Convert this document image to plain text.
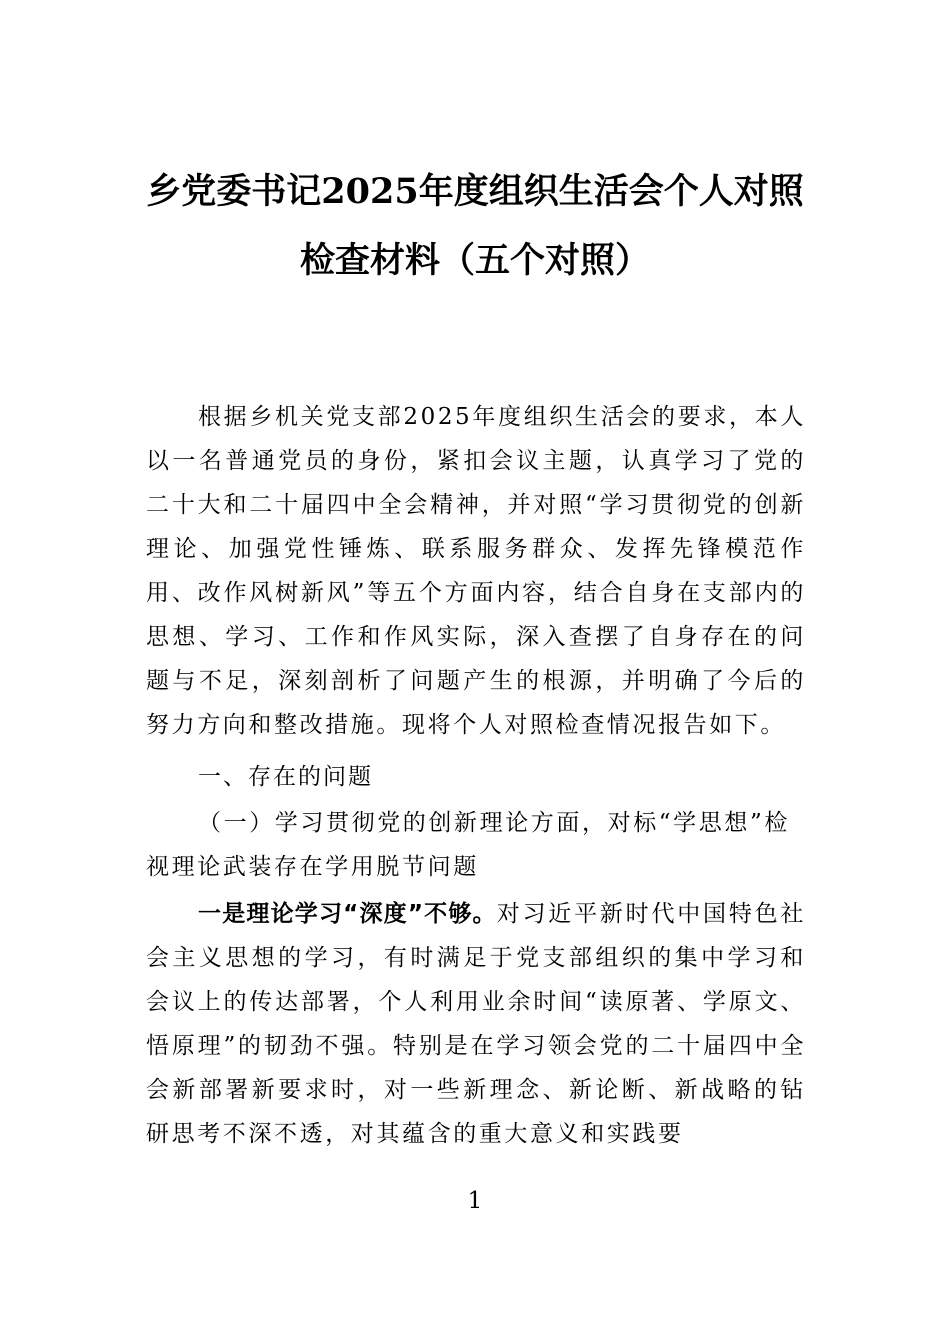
乡党委书记2025年度组织生活会个人对照
检查材料（五个对照）
根据乡机关党支部2025年度组织生活会的要求，本人以一名普通党员的身份，紧扣会议主题，认真学习了党的二十大和二十届四中全会精神，并对照“学习贯彻党的创新理论、加强党性锤炼、联系服务群众、发挥先锋模范作用、改作风树新风”等五个方面内容，结合自身在支部内的思想、学习、工作和作风实际，深入查摆了自身存在的问题与不足，深刻剖析了问题产生的根源，并明确了今后的努力方向和整改措施。现将个人对照检查情况报告如下。
一、存在的问题
（一）学习贯彻党的创新理论方面，对标“学思想”检视理论武装存在学用脱节问题
一是理论学习“深度”不够。对习近平新时代中国特色社会主义思想的学习，有时满足于党支部组织的集中学习和会议上的传达部署，个人利用业余时间“读原著、学原文、悟原理”的韧劲不强。特别是在学习领会党的二十届四中全会新部署新要求时，对一些新理念、新论断、新战略的钻研思考不深不透，对其蕴含的重大意义和实践要
1
